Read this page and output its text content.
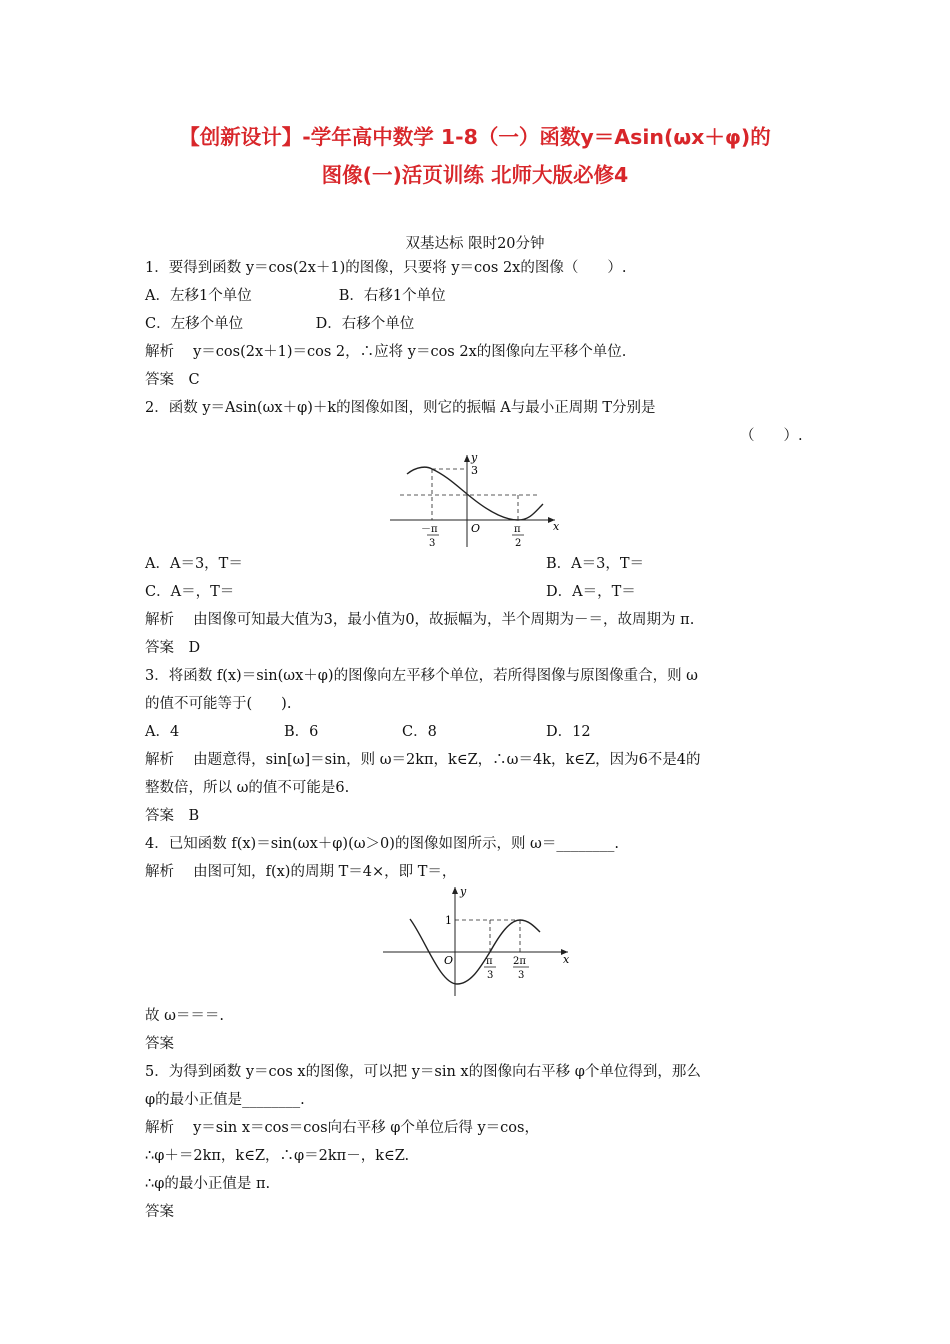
【创新设计】-学年高中数学 1-8（一）函数y＝Asin(ωx＋φ)的
图像(一)活页训练 北师大版必修4
双基达标 限时20分钟
1．要得到函数 y＝cos(2x＋1)的图像，只要将 y＝cos 2x的图像（　　）.
A．左移1个单位　　　　　　B．右移1个单位
C．左移个单位　　　　　D．右移个单位
解析　 y＝cos(2x＋1)＝cos 2，∴应将 y＝cos 2x的图像向左平移个单位.
答案　C
2．函数 y＝Asin(ωx＋φ)＋k的图像如图，则它的振幅 A与最小正周期 T分别是
（　　）.
y
x
3
O
－π
3
π
2
A．A＝3，T＝	B．A＝3，T＝
C．A＝，T＝	D．A＝，T＝
解析　 由图像可知最大值为3，最小值为0，故振幅为，半个周期为－＝，故周期为 π.
答案　D
3．将函数 f(x)＝sin(ωx＋φ)的图像向左平移个单位，若所得图像与原图像重合，则 ω
的值不可能等于(　　).
A．4	B．6	C．8	D．12
解析　 由题意得，sin[ω]＝sin，则 ω＝2kπ，k∈Z，∴ω＝4k，k∈Z，因为6不是4的
整数倍，所以 ω的值不可能是6.
答案　B
4．已知函数 f(x)＝sin(ωx＋φ)(ω＞0)的图像如图所示，则 ω＝________.
解析　 由图可知，f(x)的周期 T＝4×，即 T＝，
y
x
1
O	π
3
2π
3
故 ω＝＝＝.
答案
5．为得到函数 y＝cos x的图像，可以把 y＝sin x的图像向右平移 φ个单位得到，那么
φ的最小正值是________.
解析　 y＝sin x＝cos＝cos向右平移 φ个单位后得 y＝cos，
∴φ＋＝2kπ，k∈Z，∴φ＝2kπ－，k∈Z.
∴φ的最小正值是 π.
答案
